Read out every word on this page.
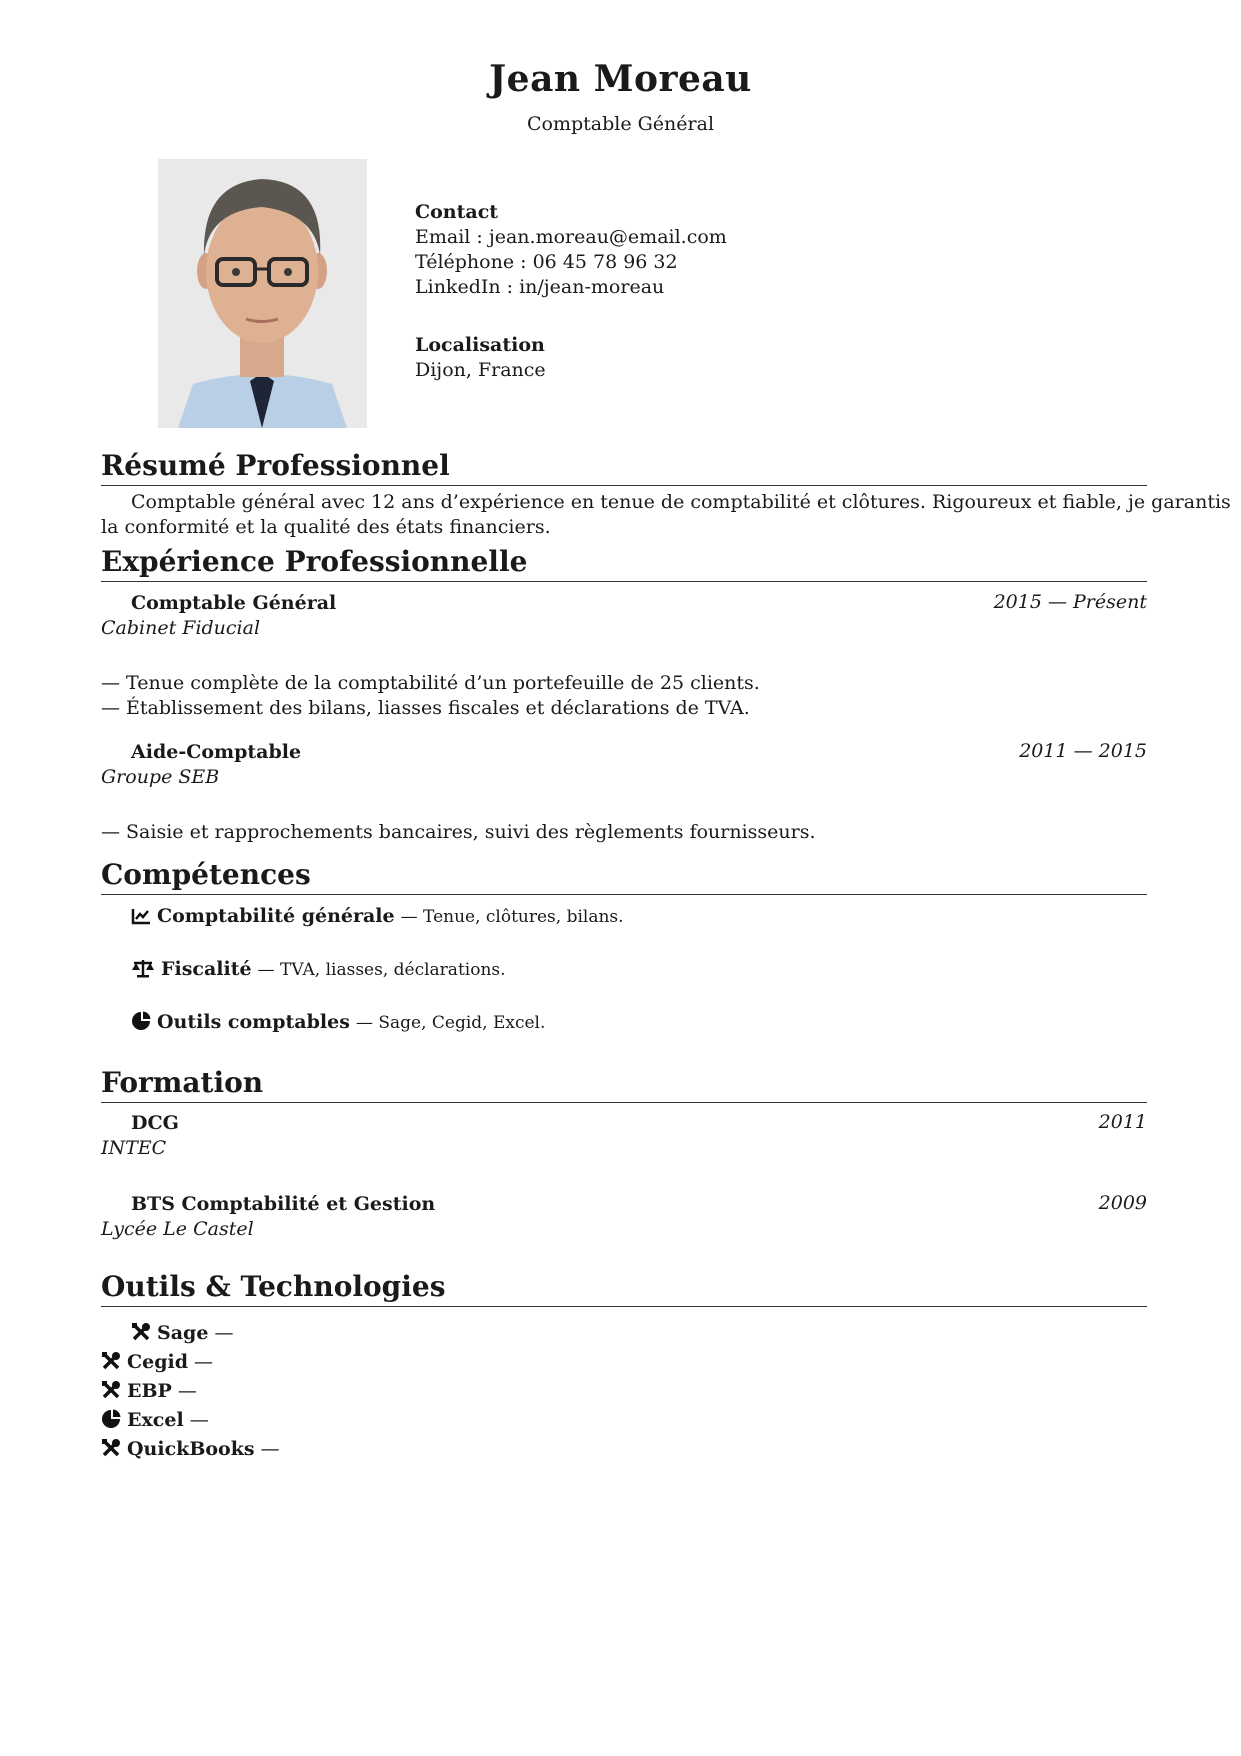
Jean Moreau
Comptable Général
Contact
Email : jean.moreau@email.com
Téléphone : 06 45 78 96 32
LinkedIn : in/jean-moreau
Localisation
Dijon, France
Résumé Professionnel
Comptable général avec 12 ans d’expérience en tenue de comptabilité et clôtures. Rigoureux et fiable, je garantis
la conformité et la qualité des états financiers.
Expérience Professionnelle
Comptable Général	2015 — Présent
Cabinet Fiducial
— Tenue complète de la comptabilité d’un portefeuille de 25 clients.
— Établissement des bilans, liasses fiscales et déclarations de TVA.
Aide-Comptable	2011 — 2015
Groupe SEB
— Saisie et rapprochements bancaires, suivi des règlements fournisseurs.
Compétences
Comptabilité générale — Tenue, clôtures, bilans.
Fiscalité — TVA, liasses, déclarations.
Outils comptables — Sage, Cegid, Excel.
Formation
DCG	2011
INTEC
BTS Comptabilité et Gestion	2009
Lycée Le Castel
Outils & Technologies
Sage —
Cegid —
EBP —
Excel —
QuickBooks —
